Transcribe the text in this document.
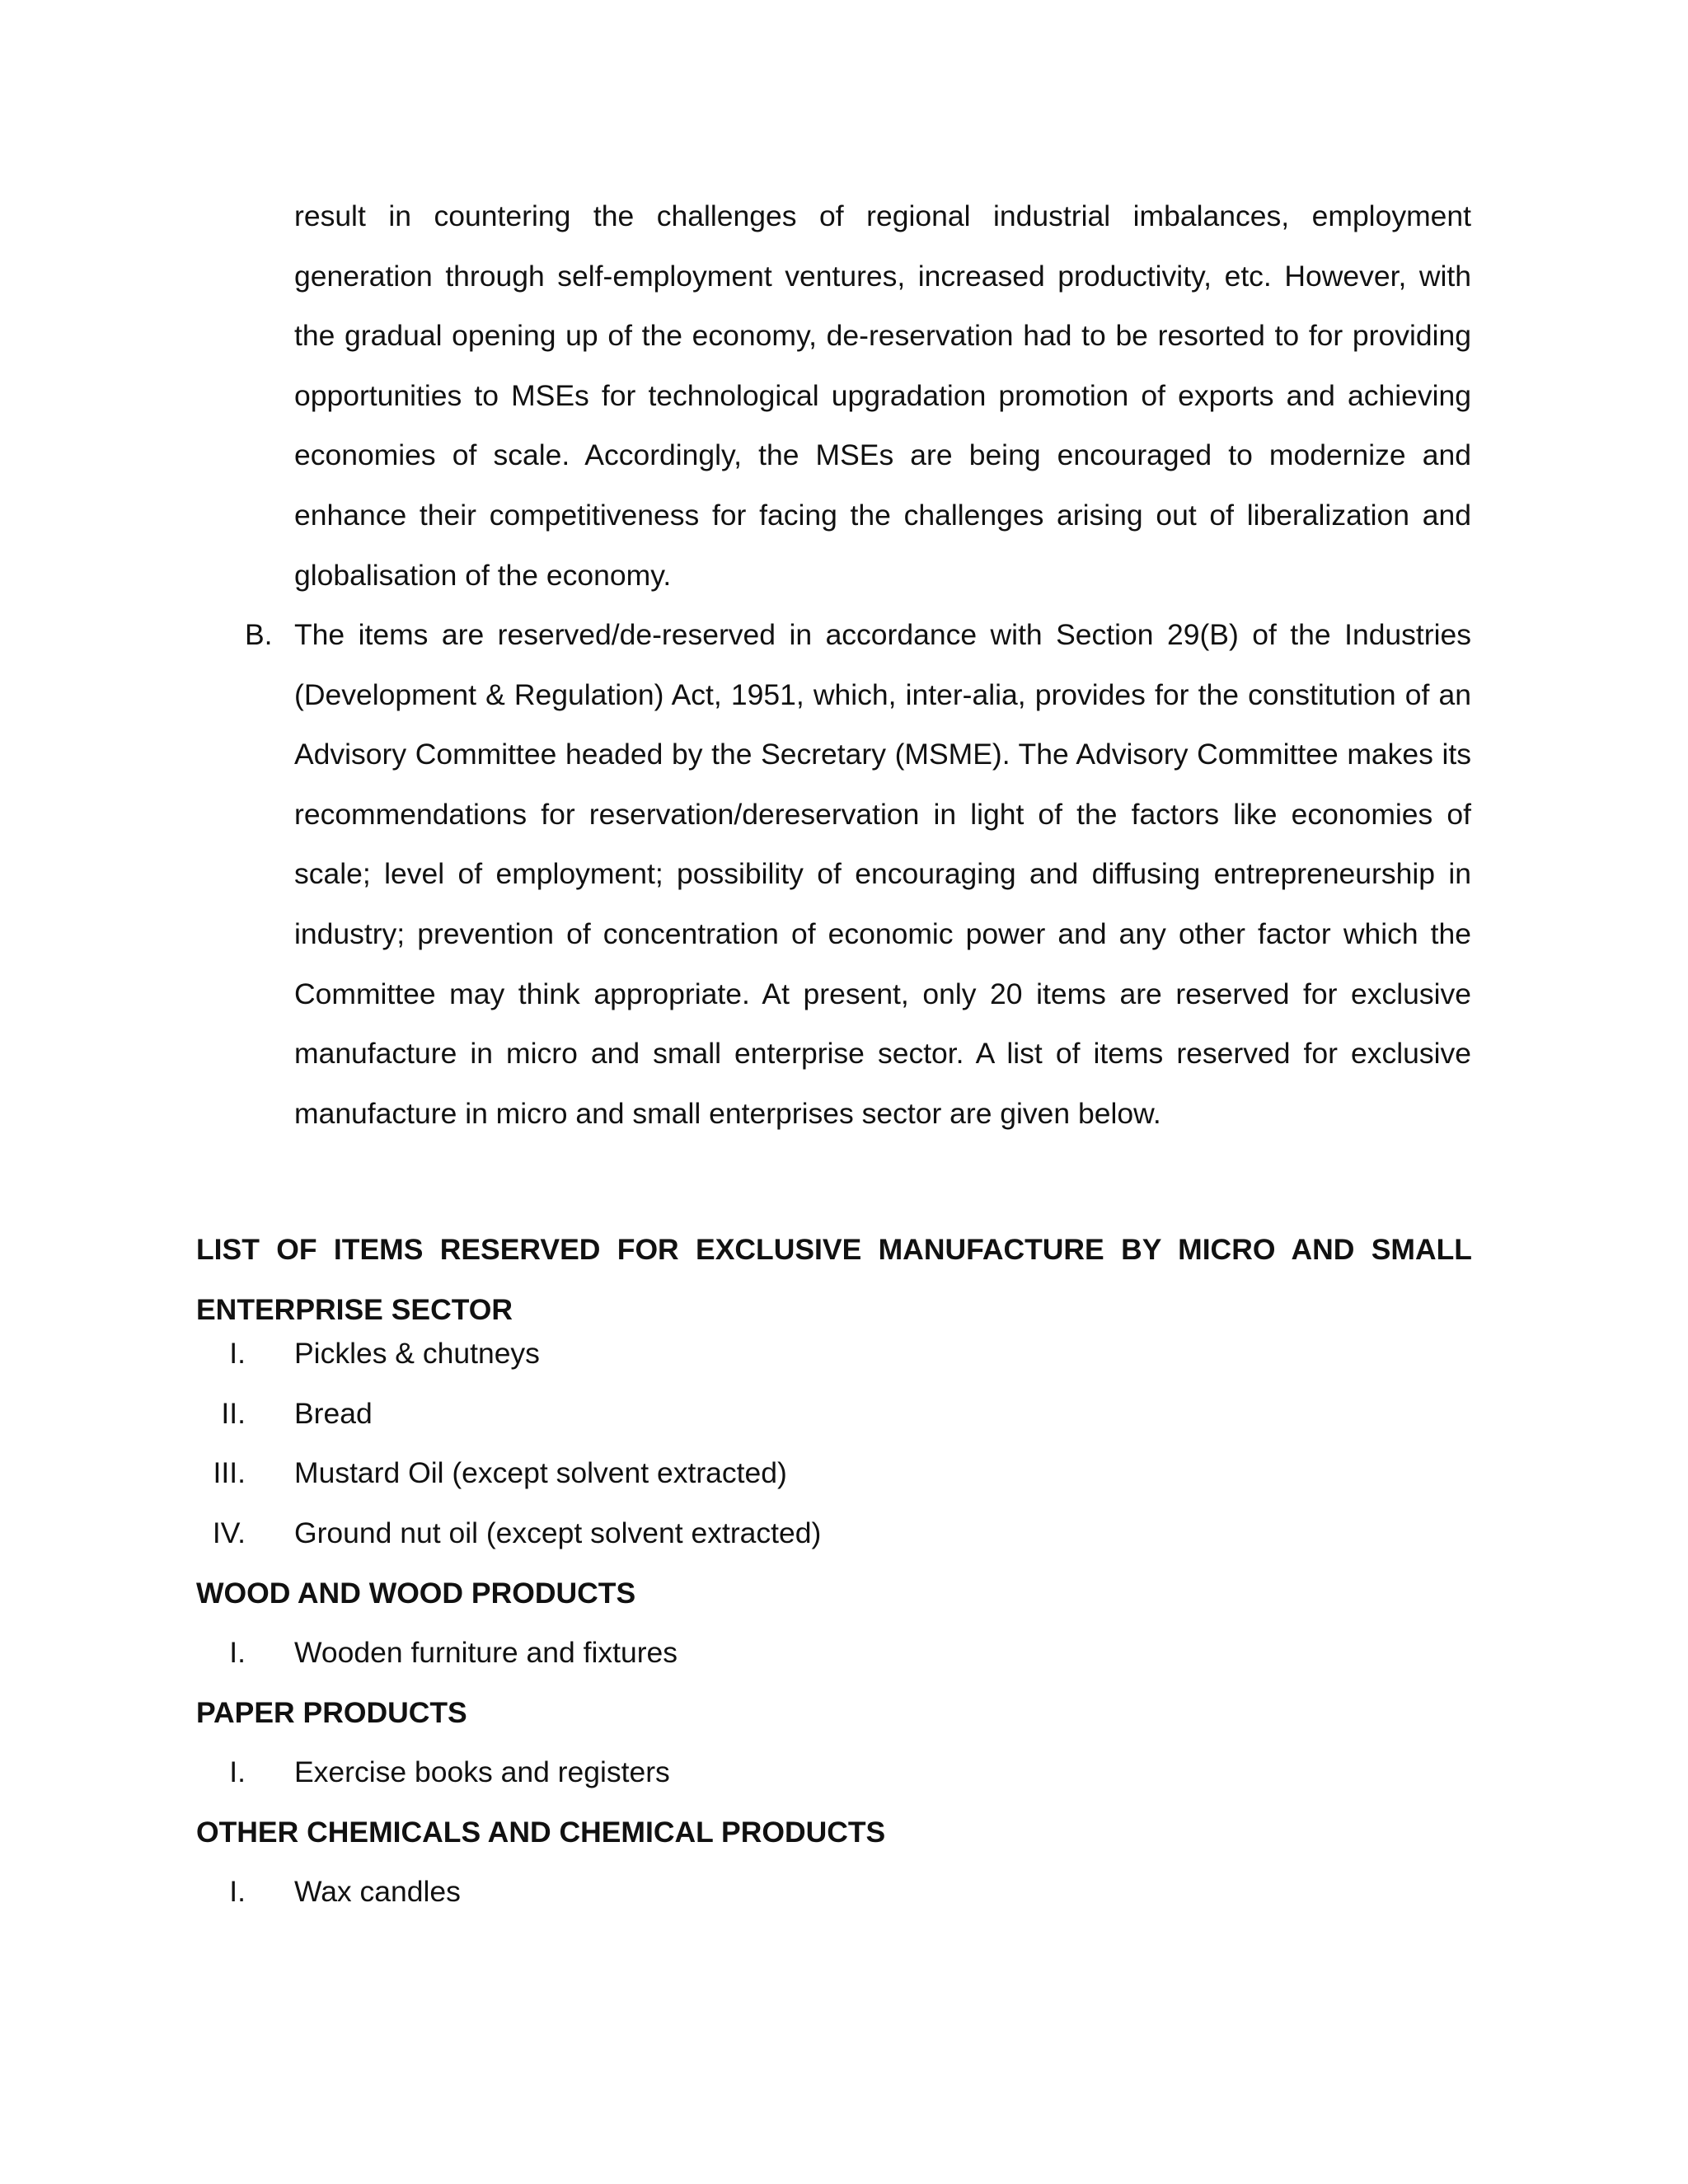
result in countering the challenges of regional industrial imbalances, employment generation through self-employment ventures, increased productivity, etc. However, with the gradual opening up of the economy, de-reservation had to be resorted to for providing opportunities to MSEs for technological upgradation promotion of exports and achieving economies of scale. Accordingly, the MSEs are being encouraged to modernize and enhance their competitiveness for facing the challenges arising out of liberalization and globalisation of the economy.

B. The items are reserved/de-reserved in accordance with Section 29(B) of the Industries (Development & Regulation) Act, 1951, which, inter-alia, provides for the constitution of an Advisory Committee headed by the Secretary (MSME). The Advisory Committee makes its recommendations for reservation/dereservation in light of the factors like economies of scale; level of employment; possibility of encouraging and diffusing entrepreneurship in industry; prevention of concentration of economic power and any other factor which the Committee may think appropriate. At present, only 20 items are reserved for exclusive manufacture in micro and small enterprise sector. A list of items reserved for exclusive manufacture in micro and small enterprises sector are given below.

LIST OF ITEMS RESERVED FOR EXCLUSIVE MANUFACTURE BY MICRO AND SMALL ENTERPRISE SECTOR

I. Pickles & chutneys
II. Bread
III. Mustard Oil (except solvent extracted)
IV. Ground nut oil (except solvent extracted)

WOOD AND WOOD PRODUCTS

I. Wooden furniture and fixtures

PAPER PRODUCTS

I. Exercise books and registers

OTHER CHEMICALS AND CHEMICAL PRODUCTS

I. Wax candles
